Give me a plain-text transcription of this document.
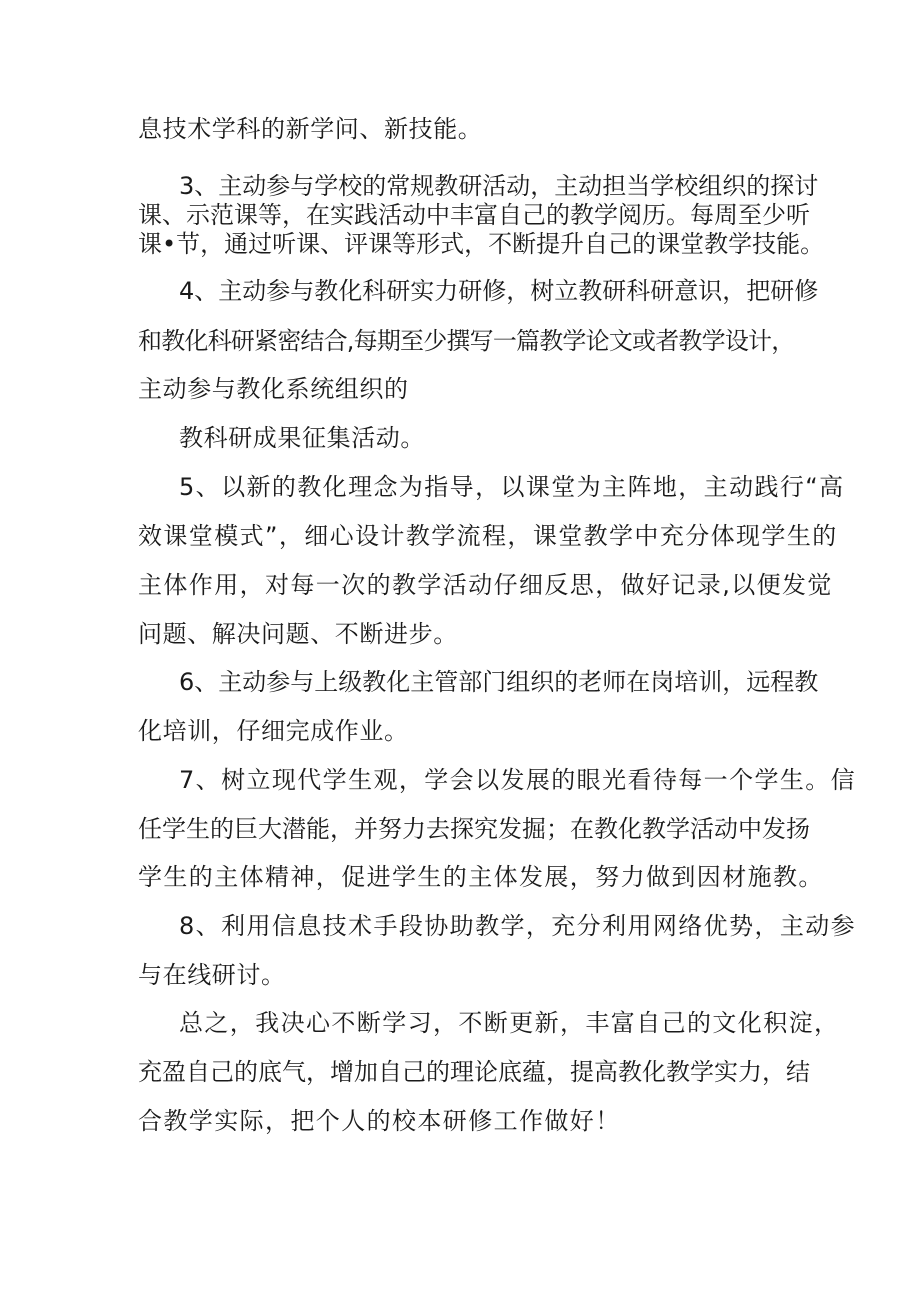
息技术学科的新学问、新技能。
3、主动参与学校的常规教研活动，主动担当学校组织的探讨
课、示范课等，在实践活动中丰富自己的教学阅历。每周至少听
课•节，通过听课、评课等形式，不断提升自己的课堂教学技能。
4、主动参与教化科研实力研修，树立教研科研意识，把研修
和教化科研紧密结合,每期至少撰写一篇教学论文或者教学设计，
主动参与教化系统组织的
教科研成果征集活动。
5、以新的教化理念为指导，以课堂为主阵地，主动践行“高
效课堂模式”，细心设计教学流程，课堂教学中充分体现学生的
主体作用，对每一次的教学活动仔细反思，做好记录,以便发觉
问题、解决问题、不断进步。
6、主动参与上级教化主管部门组织的老师在岗培训，远程教
化培训，仔细完成作业。
7、树立现代学生观，学会以发展的眼光看待每一个学生。信
任学生的巨大潜能，并努力去探究发掘；在教化教学活动中发扬
学生的主体精神，促进学生的主体发展，努力做到因材施教。
8、利用信息技术手段协助教学，充分利用网络优势，主动参
与在线研讨。
总之，我决心不断学习，不断更新，丰富自己的文化积淀，
充盈自己的底气，增加自己的理论底蕴，提高教化教学实力，结
合教学实际，把个人的校本研修工作做好！
